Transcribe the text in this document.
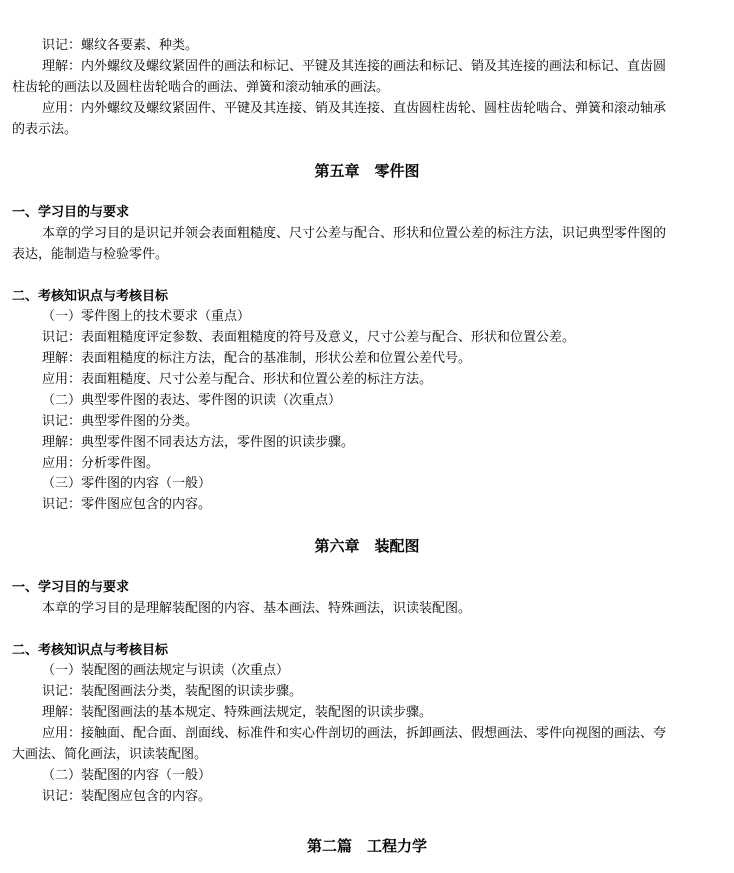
识记：螺纹各要素、种类。
理解：内外螺纹及螺纹紧固件的画法和标记、平键及其连接的画法和标记、销及其连接的画法和标记、直齿圆
柱齿轮的画法以及圆柱齿轮啮合的画法、弹簧和滚动轴承的画法。
应用：内外螺纹及螺纹紧固件、平键及其连接、销及其连接、直齿圆柱齿轮、圆柱齿轮啮合、弹簧和滚动轴承
的表示法。
第五章　零件图
一、学习目的与要求
本章的学习目的是识记并领会表面粗糙度、尺寸公差与配合、形状和位置公差的标注方法，识记典型零件图的
表达，能制造与检验零件。
二、考核知识点与考核目标
（一）零件图上的技术要求（重点）
识记：表面粗糙度评定参数、表面粗糙度的符号及意义，尺寸公差与配合、形状和位置公差。
理解：表面粗糙度的标注方法，配合的基准制，形状公差和位置公差代号。
应用：表面粗糙度、尺寸公差与配合、形状和位置公差的标注方法。
（二）典型零件图的表达、零件图的识读（次重点）
识记：典型零件图的分类。
理解：典型零件图不同表达方法，零件图的识读步骤。
应用：分析零件图。
（三）零件图的内容（一般）
识记：零件图应包含的内容。
第六章　装配图
一、学习目的与要求
本章的学习目的是理解装配图的内容、基本画法、特殊画法，识读装配图。
二、考核知识点与考核目标
（一）装配图的画法规定与识读（次重点）
识记：装配图画法分类，装配图的识读步骤。
理解：装配图画法的基本规定、特殊画法规定，装配图的识读步骤。
应用：接触面、配合面、剖面线、标准件和实心件剖切的画法，拆卸画法、假想画法、零件向视图的画法、夸
大画法、简化画法，识读装配图。
（二）装配图的内容（一般）
识记：装配图应包含的内容。
第二篇　工程力学
